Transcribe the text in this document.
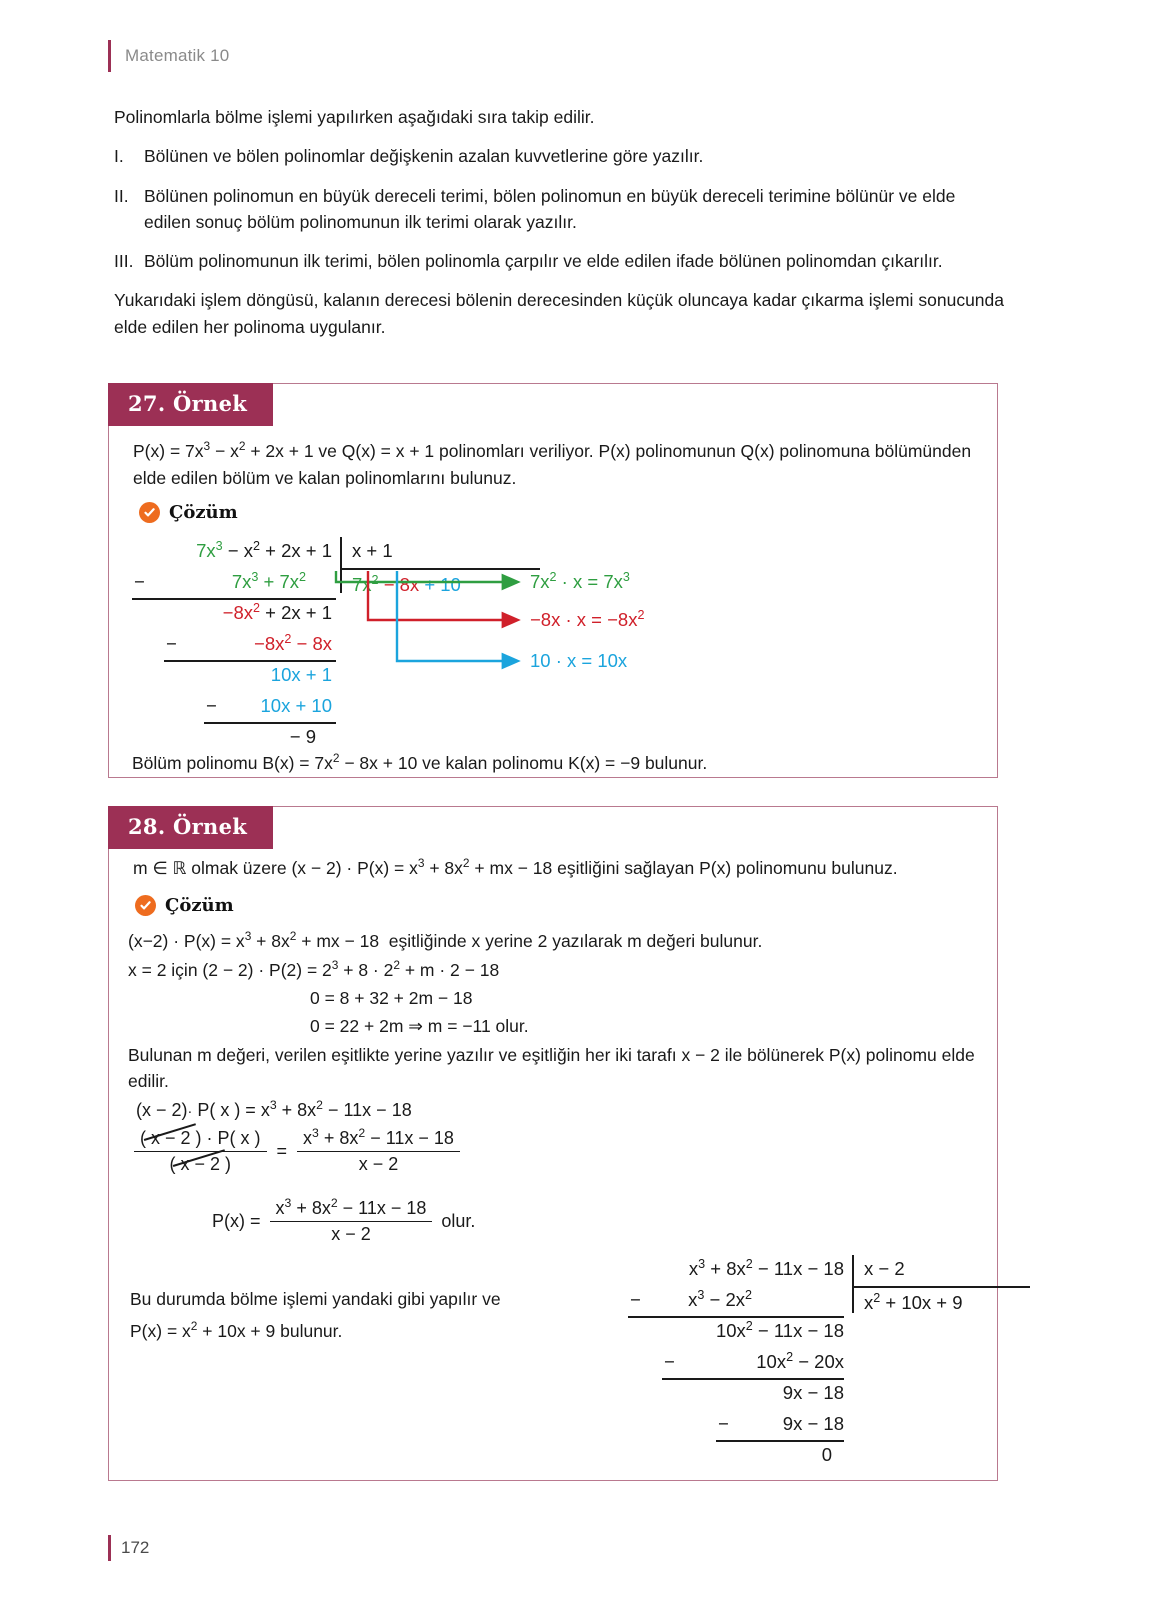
Matematik 10

Polinomlarla bölme işlemi yapılırken aşağıdaki sıra takip edilir.

I.	Bölünen ve bölen polinomlar değişkenin azalan kuvvetlerine göre yazılır.
II. Bölünen polinomun en büyük dereceli terimi, bölen polinomun en büyük dereceli terimine bölünür ve elde edilen sonuç bölüm polinomunun ilk terimi olarak yazılır.
III. Bölüm polinomunun ilk terimi, bölen polinomla çarpılır ve elde edilen ifade bölünen polinomdan çıkarılır.

Yukarıdaki işlem döngüsü, kalanın derecesi bölenin derecesinden küçük oluncaya kadar çıkarma işlemi sonucunda elde edilen her polinoma uygulanır.

27. Örnek
$P(x) = 7x^3 - x^2 + 2x + 1$ ve Q(x) = x + 1 polinomları veriliyor. P(x) polinomunun Q(x) polinomuna bölümünden elde edilen bölüm ve kalan polinomlarını bulunuz.
Çözüm
$7x^3 - x^2 + 2x + 1$ x + 1
$7x^2 - 8x + 10$
−	$7x^3 + 7x^2$
$-8x^2 + 2x + 1$
−	$-8x^2 - 8x$
10x + 1
−	10x + 10
− 9
$7x^2 \cdot x = 7x^3$
$-8x \cdot x = -8x^2$
10 · x = 10x
Bölüm polinomu $B(x) = 7x^2 - 8x + 10$ ve kalan polinomu K(x) = −9 bulunur.
28. Örnek
m ∈ ℝ olmak üzere $(x - 2) \cdot P(x) = x^3 + 8x^2$ + mx − 18 eşitliğini sağlayan P(x) polinomunu bulunuz.
Çözüm
$(x-2) \cdot P(x) = x^3 + 8x^2$ + mx − 18  eşitliğinde x yerine 2 yazılarak m değeri bulunur.
x = 2 için $(2 - 2) \cdot P(2) = 2^3 + 8 \cdot 2^2 + m \cdot 2 - 18$
0 = 8 + 32 + 2m − 18
0 = 22 + 2m ⇒ m = −11 olur.
Bulunan m değeri, verilen eşitlikte yerine yazılır ve eşitliğin her iki tarafı x − 2 ile bölünerek P(x) polinomu elde edilir.
(x − 2)· P( x ) = $x^3 + 8x^2 - 11x - 18$
( x − 2 )
· P( x )
( x − 2 ) = $\frac{x^3 + 8x^2 - 11x - 18}{x - 2}$
$P(x) = \frac{x^3 + 8x^2 - 11x - 18}{x - 2}$ olur.
Bu durumda bölme işlemi yandaki gibi yapılır ve
$P(x) = x^2 + 10x + 9$ bulunur.
$x^3 + 8x^2 - 11x - 18$ x − 2
$x^2 + 10x + 9$
−	$x^3 - 2x^2$
$10x^2 - 11x - 18$
−	$10x^2 - 20x$
9x − 18
−	9x − 18
0
172
